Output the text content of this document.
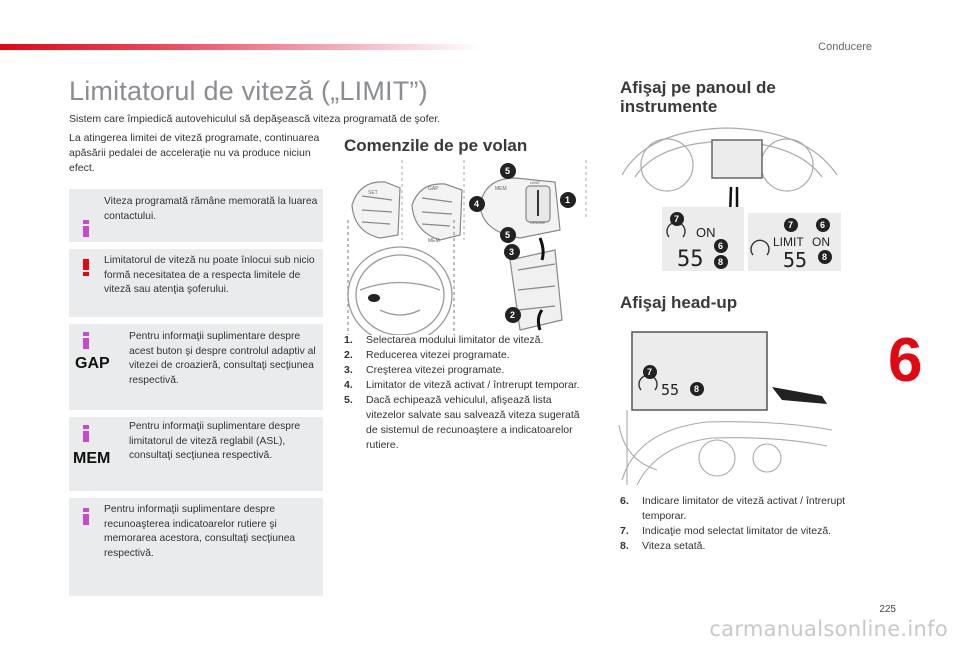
Conducere
6
225
carmanualsonline.info
Limitatorul de viteză („LIMIT”)
Sistem care împiedică autovehiculul să depăşească viteza programată de şofer.
La atingerea limitei de viteză programate, continuarea apăsării pedalei de acceleraţie nu va produce niciun efect.
Viteza programată rămâne memorată la luarea contactului.
Limitatorul de viteză nu poate înlocui sub nicio formă necesitatea de a respecta limitele de viteză sau atenţia şoferului.
GAP
Pentru informaţii suplimentare despre acest buton şi despre controlul adaptiv al vitezei de croazieră, consultaţi secţiunea respectivă.
MEM
Pentru informaţii suplimentare despre limitatorul de viteză reglabil (ASL), consultaţi secţiunea respectivă.
Pentru informaţii suplimentare despre recunoaşterea indicatoarelor rutiere şi memorarea acestora, consultaţi secţiunea respectivă.
Comenzile de pe volan
SET
GAP
MEM
MEM
LIMIT
CRUISE
1
2
3
4
5
5
1.	Selectarea modului limitator de viteză.
2.	Reducerea vitezei programate.
3.	Creşterea vitezei programate.
4.	Limitator de viteză activat / întrerupt temporar.
5.	Dacă echipează vehiculul, afişează lista vitezelor salvate sau salvează viteza sugerată de sistemul de recunoaştere a indicatoarelor rutiere.
Afişaj pe panoul de instrumente
ON
55
7
6
8
LIMIT ON
55
7	6
8
Afişaj head-up
55
7
8
6.	Indicare limitator de viteză activat / întrerupt temporar.
7.	Indicaţie mod selectat limitator de viteză.
8.	Viteza setată.
